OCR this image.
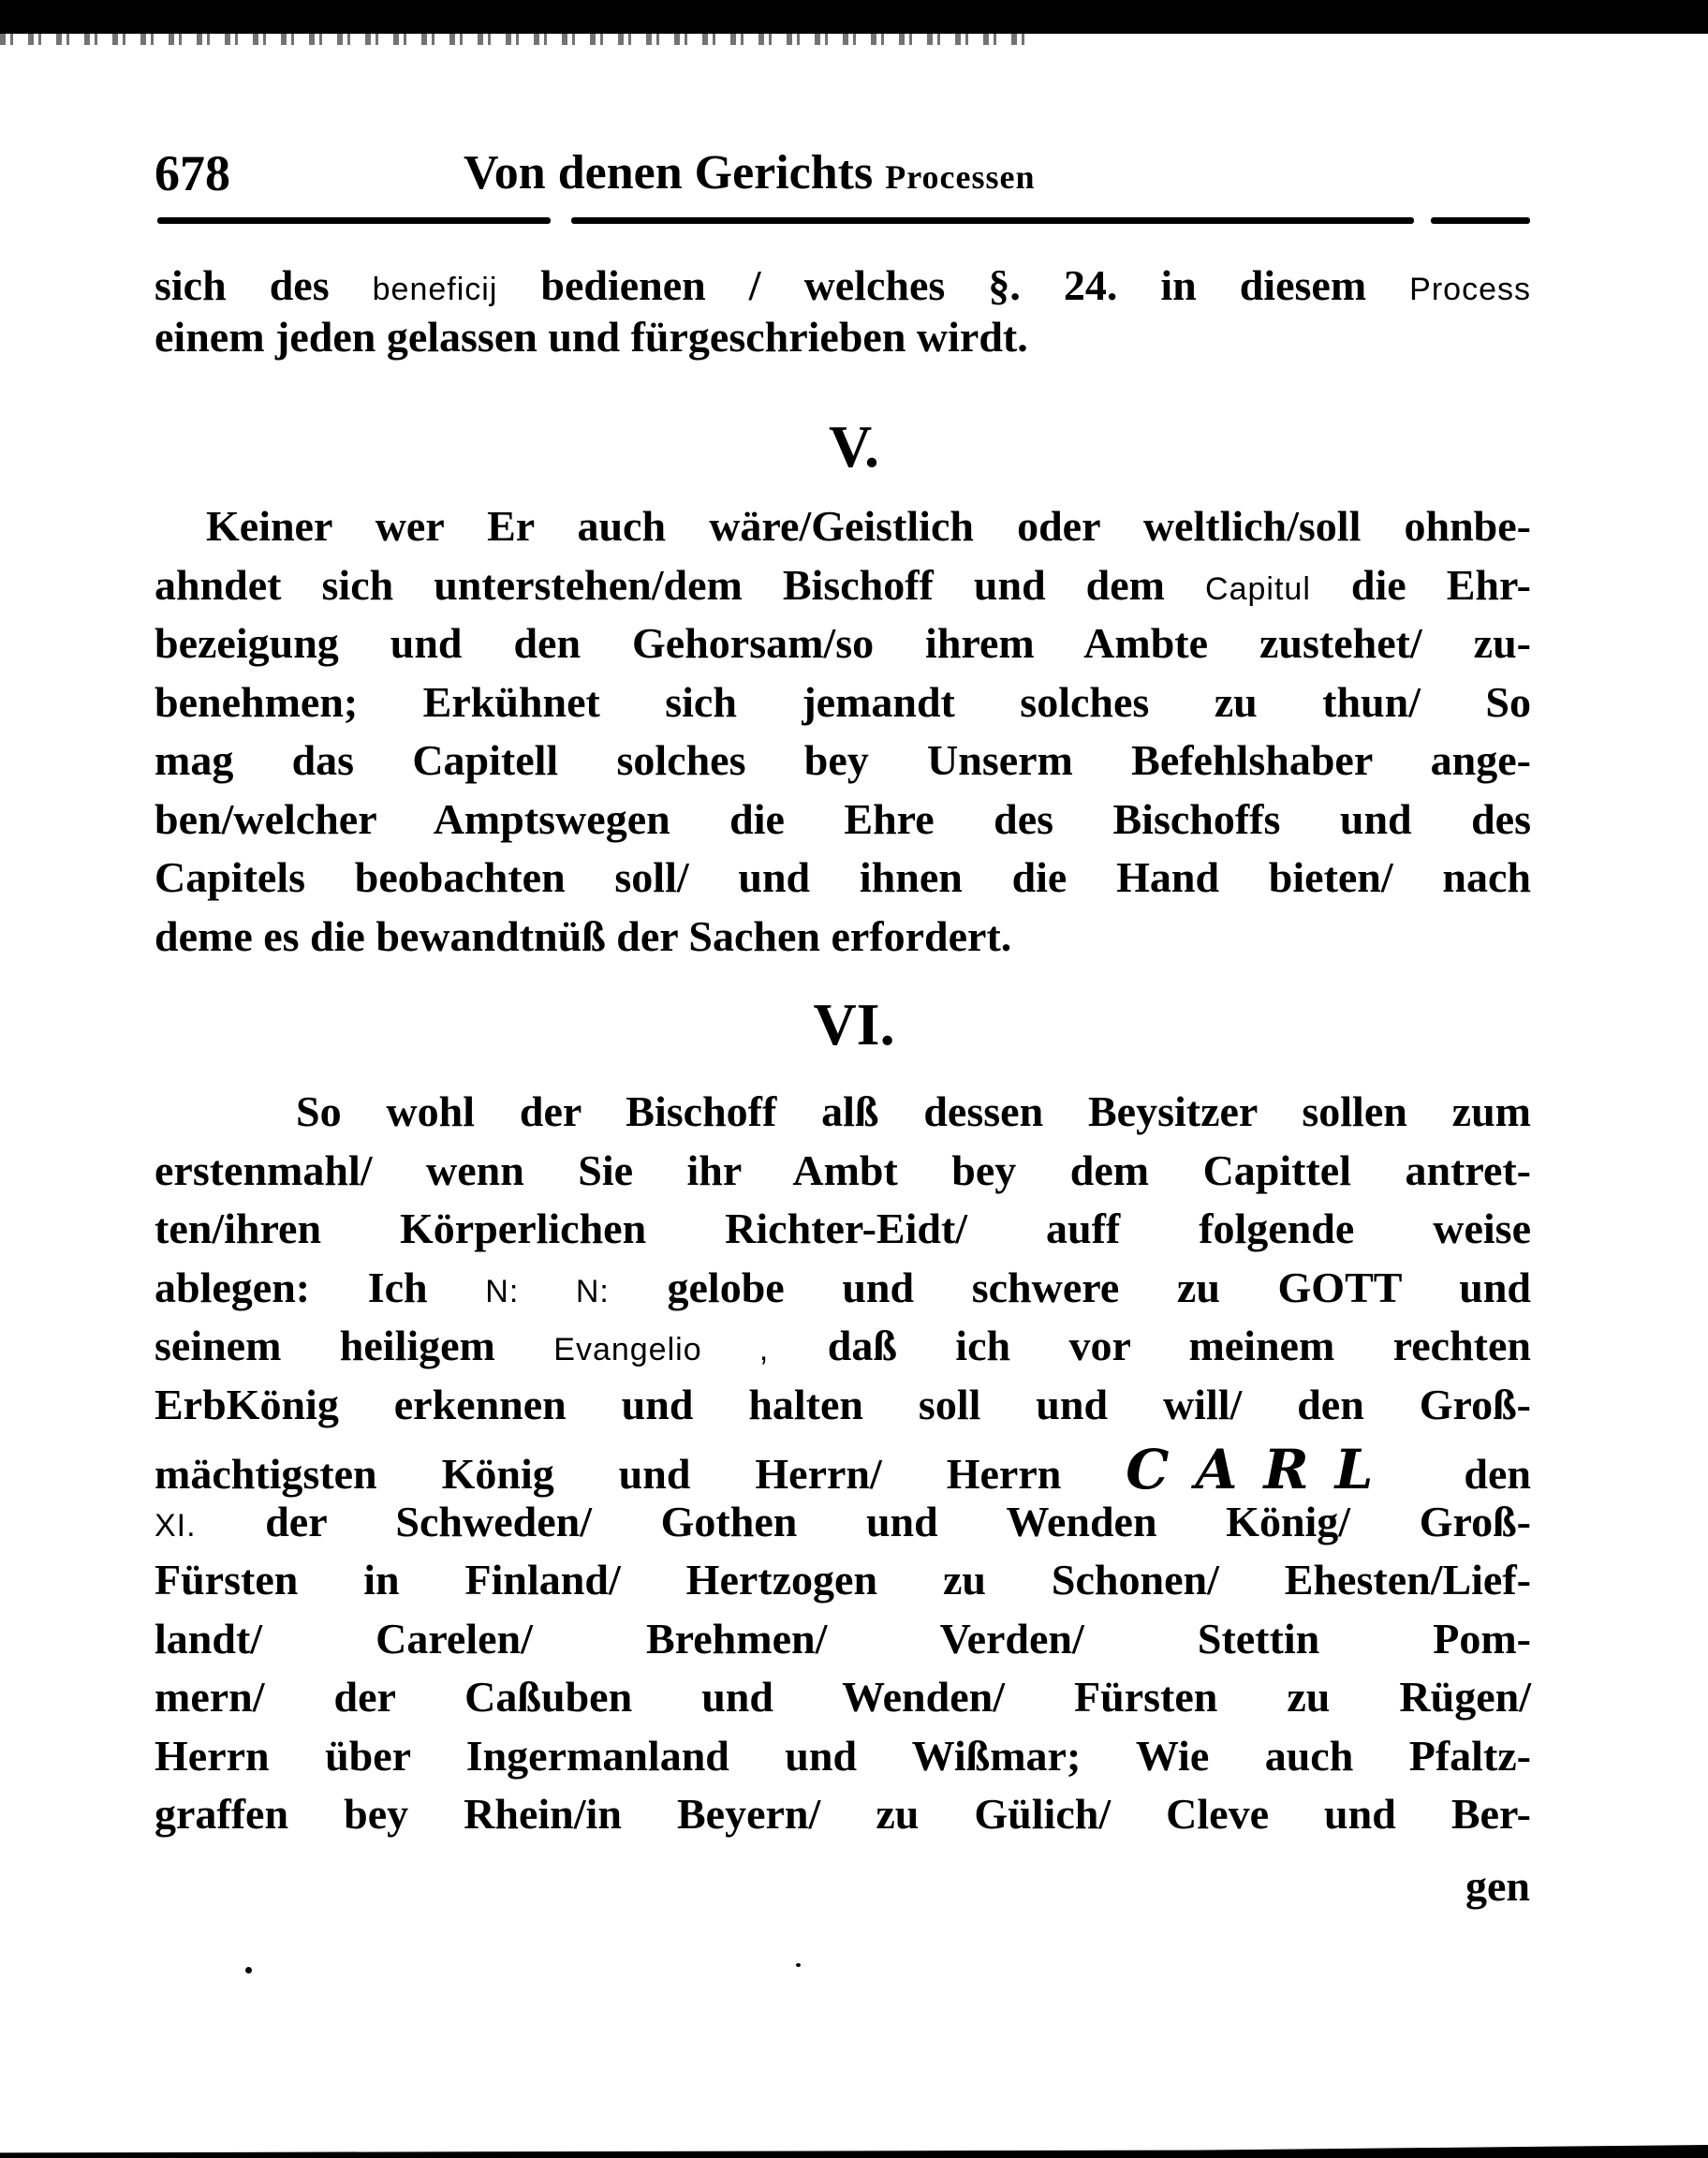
678	Von denen Gerichts Processen
sich des beneficij bedienen / welches §. 24. in diesem Process
einem jeden gelassen und fürgeschrieben wirdt.
V.
Keiner wer Er auch wäre/Geistlich oder weltlich/soll ohnbe-
ahndet sich unterstehen/dem Bischoff und dem Capitul die Ehr-
bezeigung und den Gehorsam/so ihrem Ambte zustehet/ zu-
benehmen; Erkühnet sich jemandt solches zu thun/ So
mag das Capitell solches bey Unserm Befehlshaber ange-
ben/welcher Amptswegen die Ehre des Bischoffs und des
Capitels beobachten soll/ und ihnen die Hand bieten/ nach
deme es die bewandtnüß der Sachen erfordert.
VI.
So wohl der Bischoff alß dessen Beysitzer sollen zum
erstenmahl/ wenn Sie ihr Ambt bey dem Capittel antret-
ten/ihren Körperlichen Richter-Eidt/ auff folgende weise
ablegen: Ich N: N: gelobe und schwere zu GOTT und
seinem heiligem Evangelio , daß ich vor meinem rechten
ErbKönig erkennen und halten soll und will/ den Groß-
mächtigsten König und Herrn/ Herrn CARL den
XI. der Schweden/ Gothen und Wenden König/ Groß-
Fürsten in Finland/ Hertzogen zu Schonen/ Ehesten/Lief-
landt/ Carelen/ Brehmen/ Verden/ Stettin Pom-
mern/ der Caßuben und Wenden/ Fürsten zu Rügen/
Herrn über Ingermanland und Wißmar; Wie auch Pfaltz-
graffen bey Rhein/in Beyern/ zu Gülich/ Cleve und Ber-
gen
